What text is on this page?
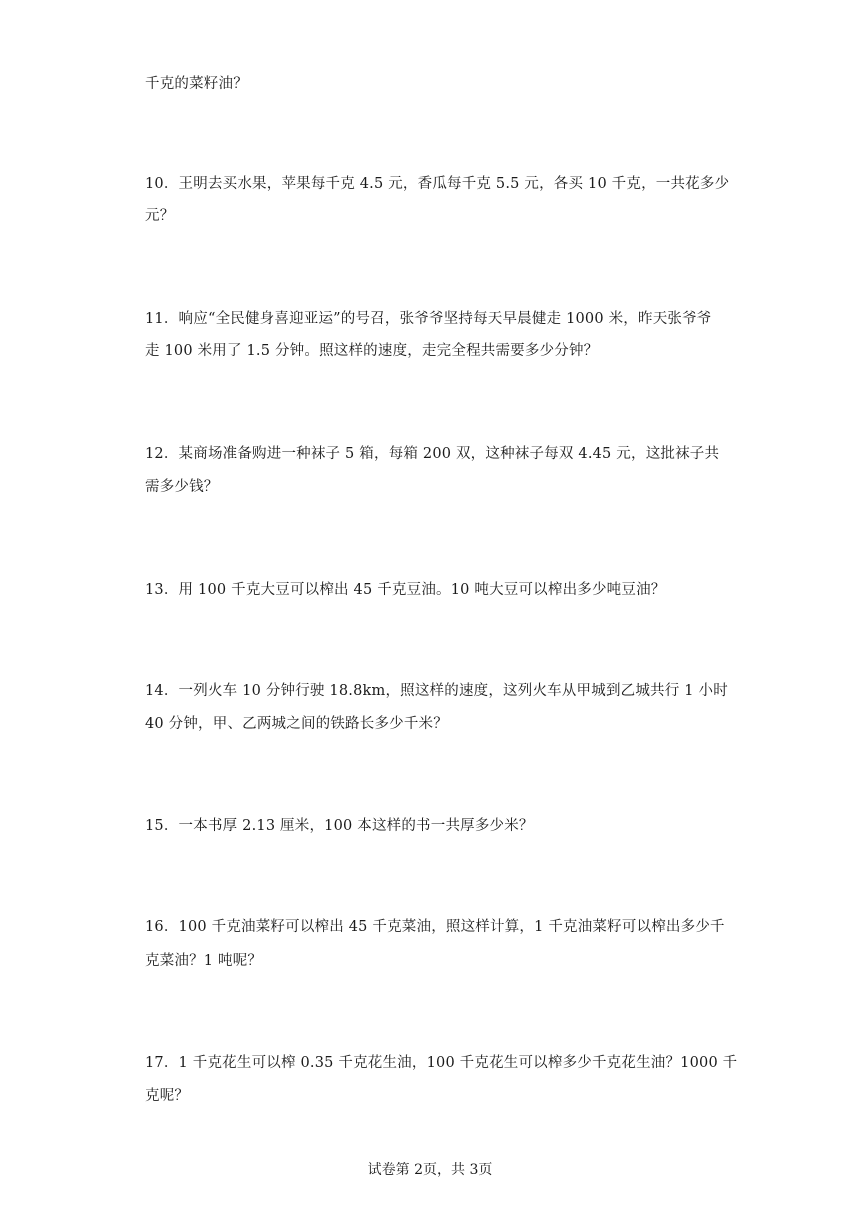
千克的菜籽油？
10．王明去买水果，苹果每千克 4.5 元，香瓜每千克 5.5 元，各买 10 千克，一共花多少
元？
11．响应“全民健身喜迎亚运”的号召，张爷爷坚持每天早晨健走 1000 米，昨天张爷爷
走 100 米用了 1.5 分钟。照这样的速度，走完全程共需要多少分钟？
12．某商场准备购进一种袜子 5 箱，每箱 200 双，这种袜子每双 4.45 元，这批袜子共
需多少钱？
13．用 100 千克大豆可以榨出 45 千克豆油。10 吨大豆可以榨出多少吨豆油？
14．一列火车 10 分钟行驶 18.8km，照这样的速度，这列火车从甲城到乙城共行 1 小时
40 分钟，甲、乙两城之间的铁路长多少千米？
15．一本书厚 2.13 厘米，100 本这样的书一共厚多少米？
16．100 千克油菜籽可以榨出 45 千克菜油，照这样计算，1 千克油菜籽可以榨出多少千
克菜油？1 吨呢？
17．1 千克花生可以榨 0.35 千克花生油，100 千克花生可以榨多少千克花生油？1000 千
克呢？
试卷第 2页，共 3页
